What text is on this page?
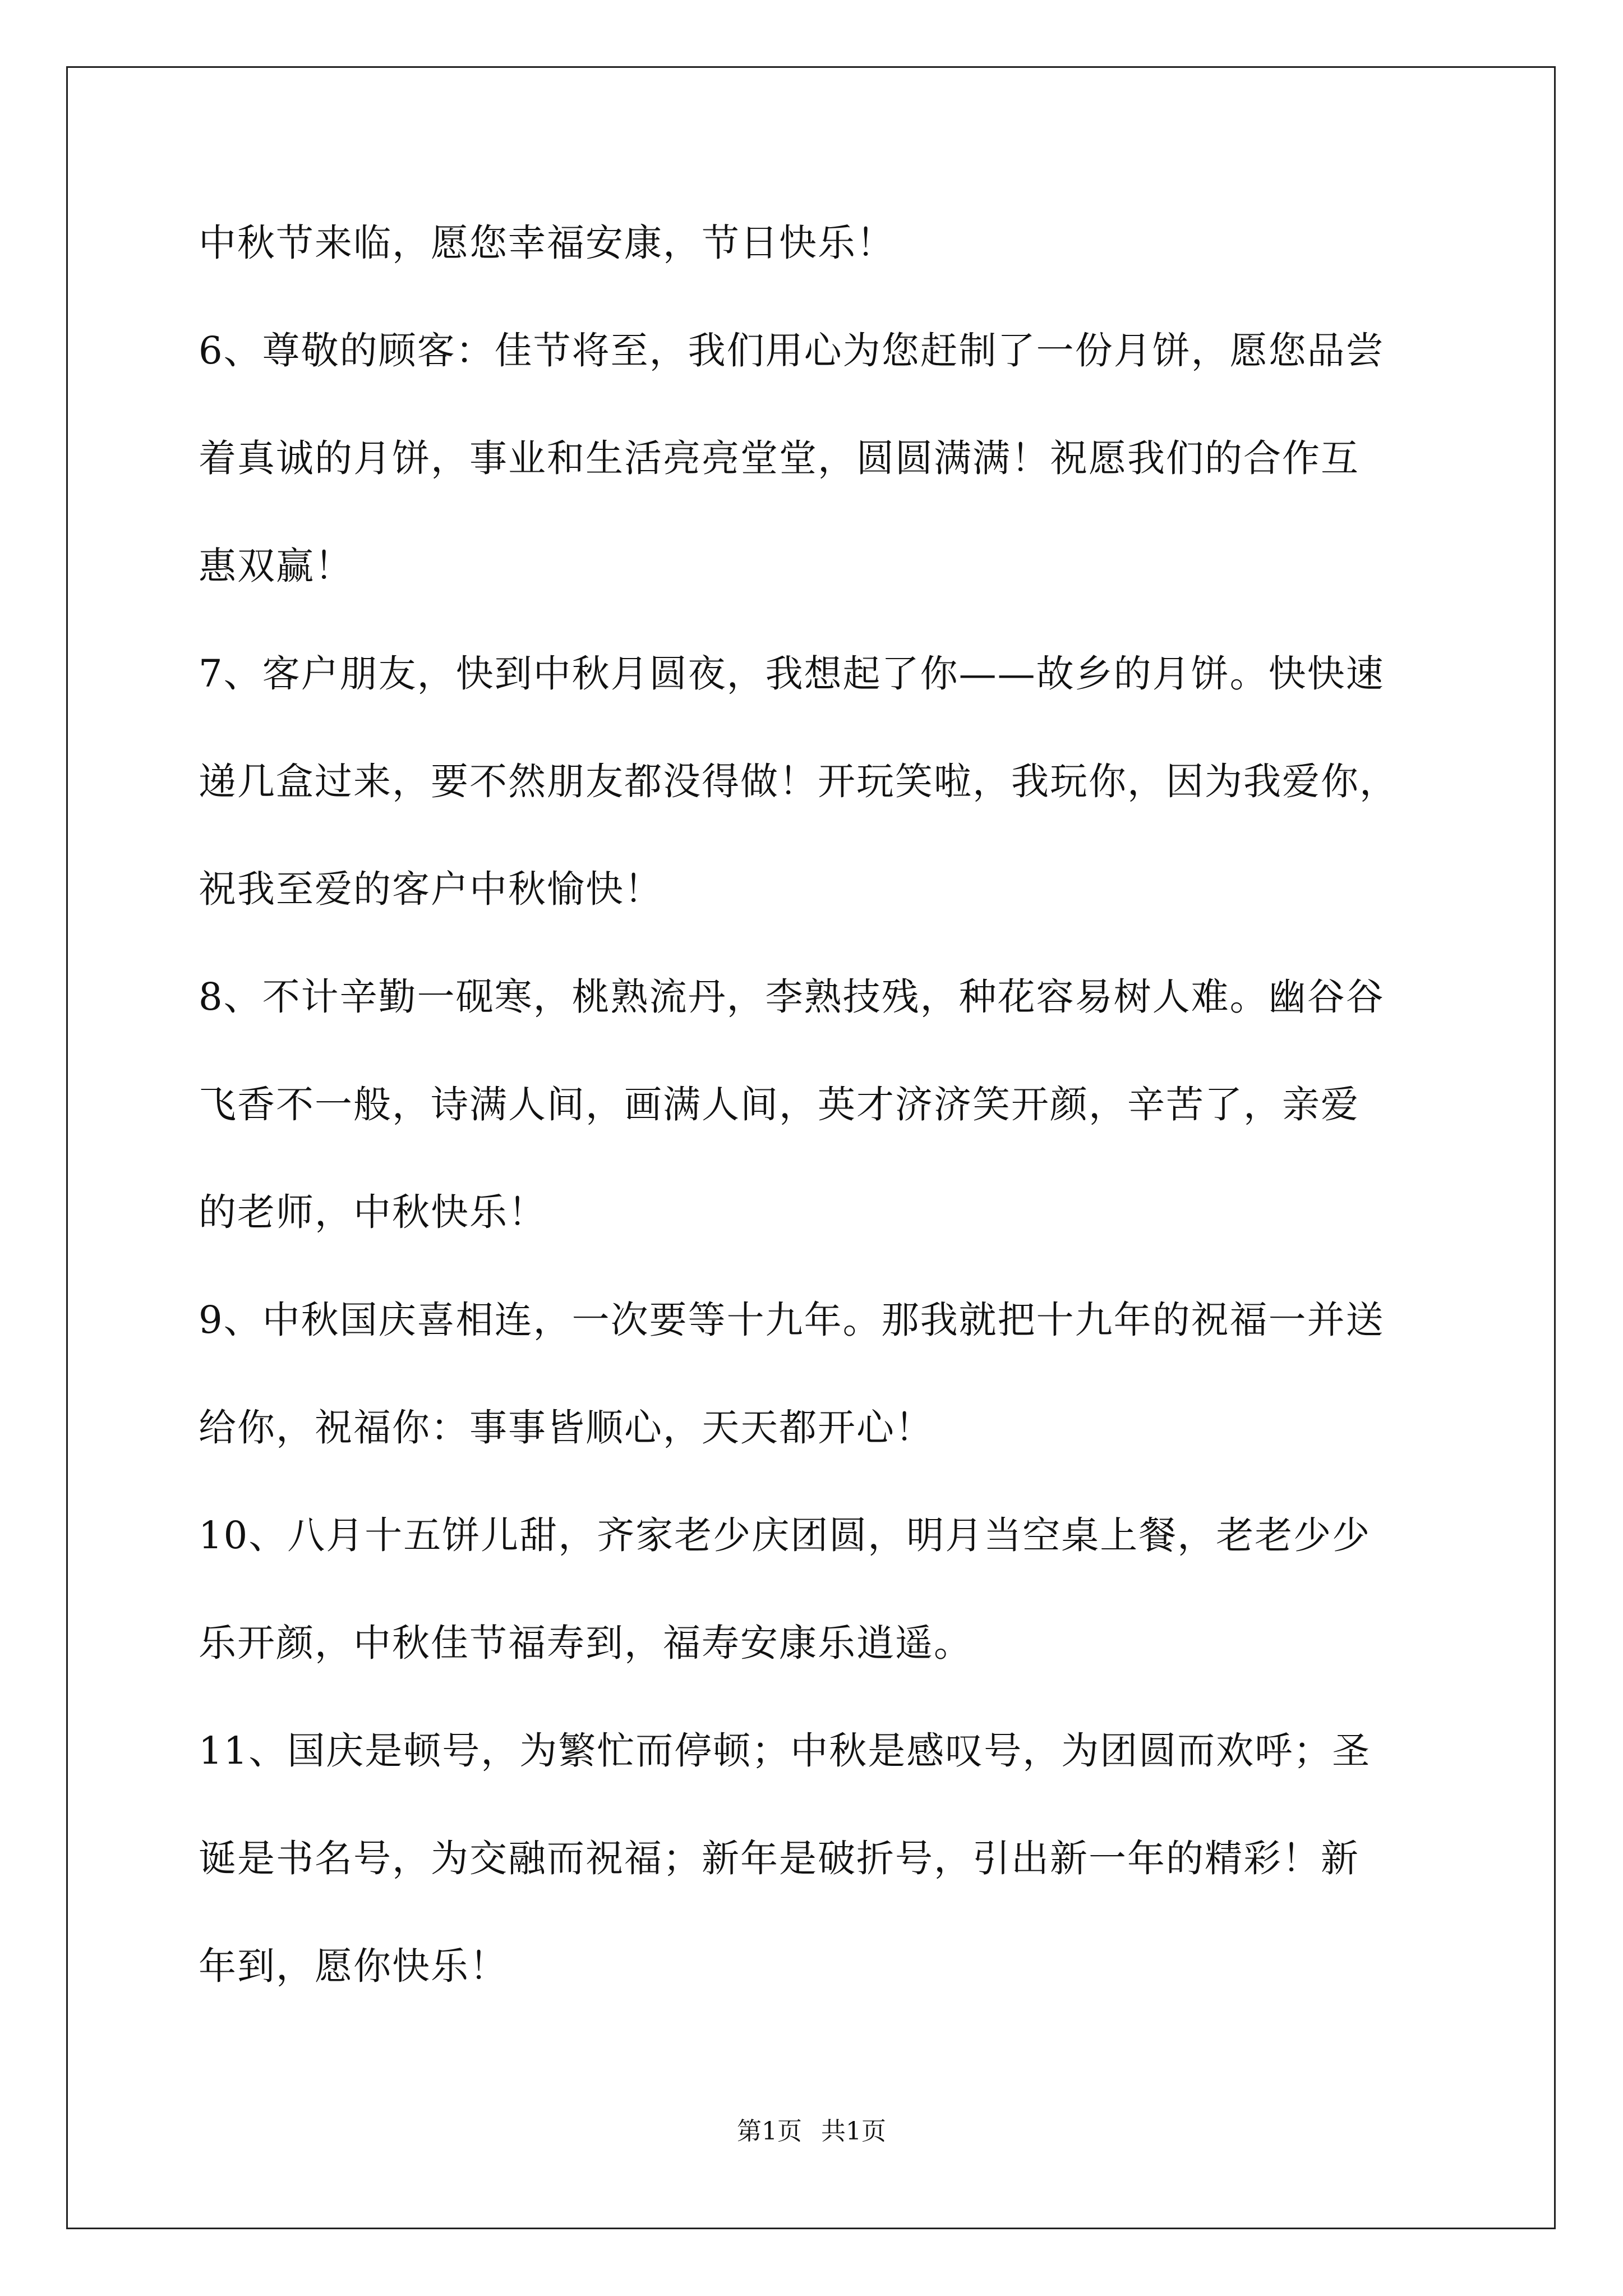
中秋节来临，愿您幸福安康，节日快乐！
6、尊敬的顾客：佳节将至，我们用心为您赶制了一份月饼，愿您品尝
着真诚的月饼，事业和生活亮亮堂堂，圆圆满满！祝愿我们的合作互
惠双赢！
7、客户朋友，快到中秋月圆夜，我想起了你——故乡的月饼。快快速
递几盒过来，要不然朋友都没得做！开玩笑啦，我玩你，因为我爱你，
祝我至爱的客户中秋愉快！
8、不计辛勤一砚寒，桃熟流丹，李熟技残，种花容易树人难。幽谷谷
飞香不一般，诗满人间，画满人间，英才济济笑开颜，辛苦了，亲爱
的老师，中秋快乐！
9、中秋国庆喜相连，一次要等十九年。那我就把十九年的祝福一并送
给你，祝福你：事事皆顺心，天天都开心！
10、八月十五饼儿甜，齐家老少庆团圆，明月当空桌上餐，老老少少
乐开颜，中秋佳节福寿到，福寿安康乐逍遥。
11、国庆是顿号，为繁忙而停顿；中秋是感叹号，为团圆而欢呼；圣
诞是书名号，为交融而祝福；新年是破折号，引出新一年的精彩！新
年到，愿你快乐！
第1页 共1页
